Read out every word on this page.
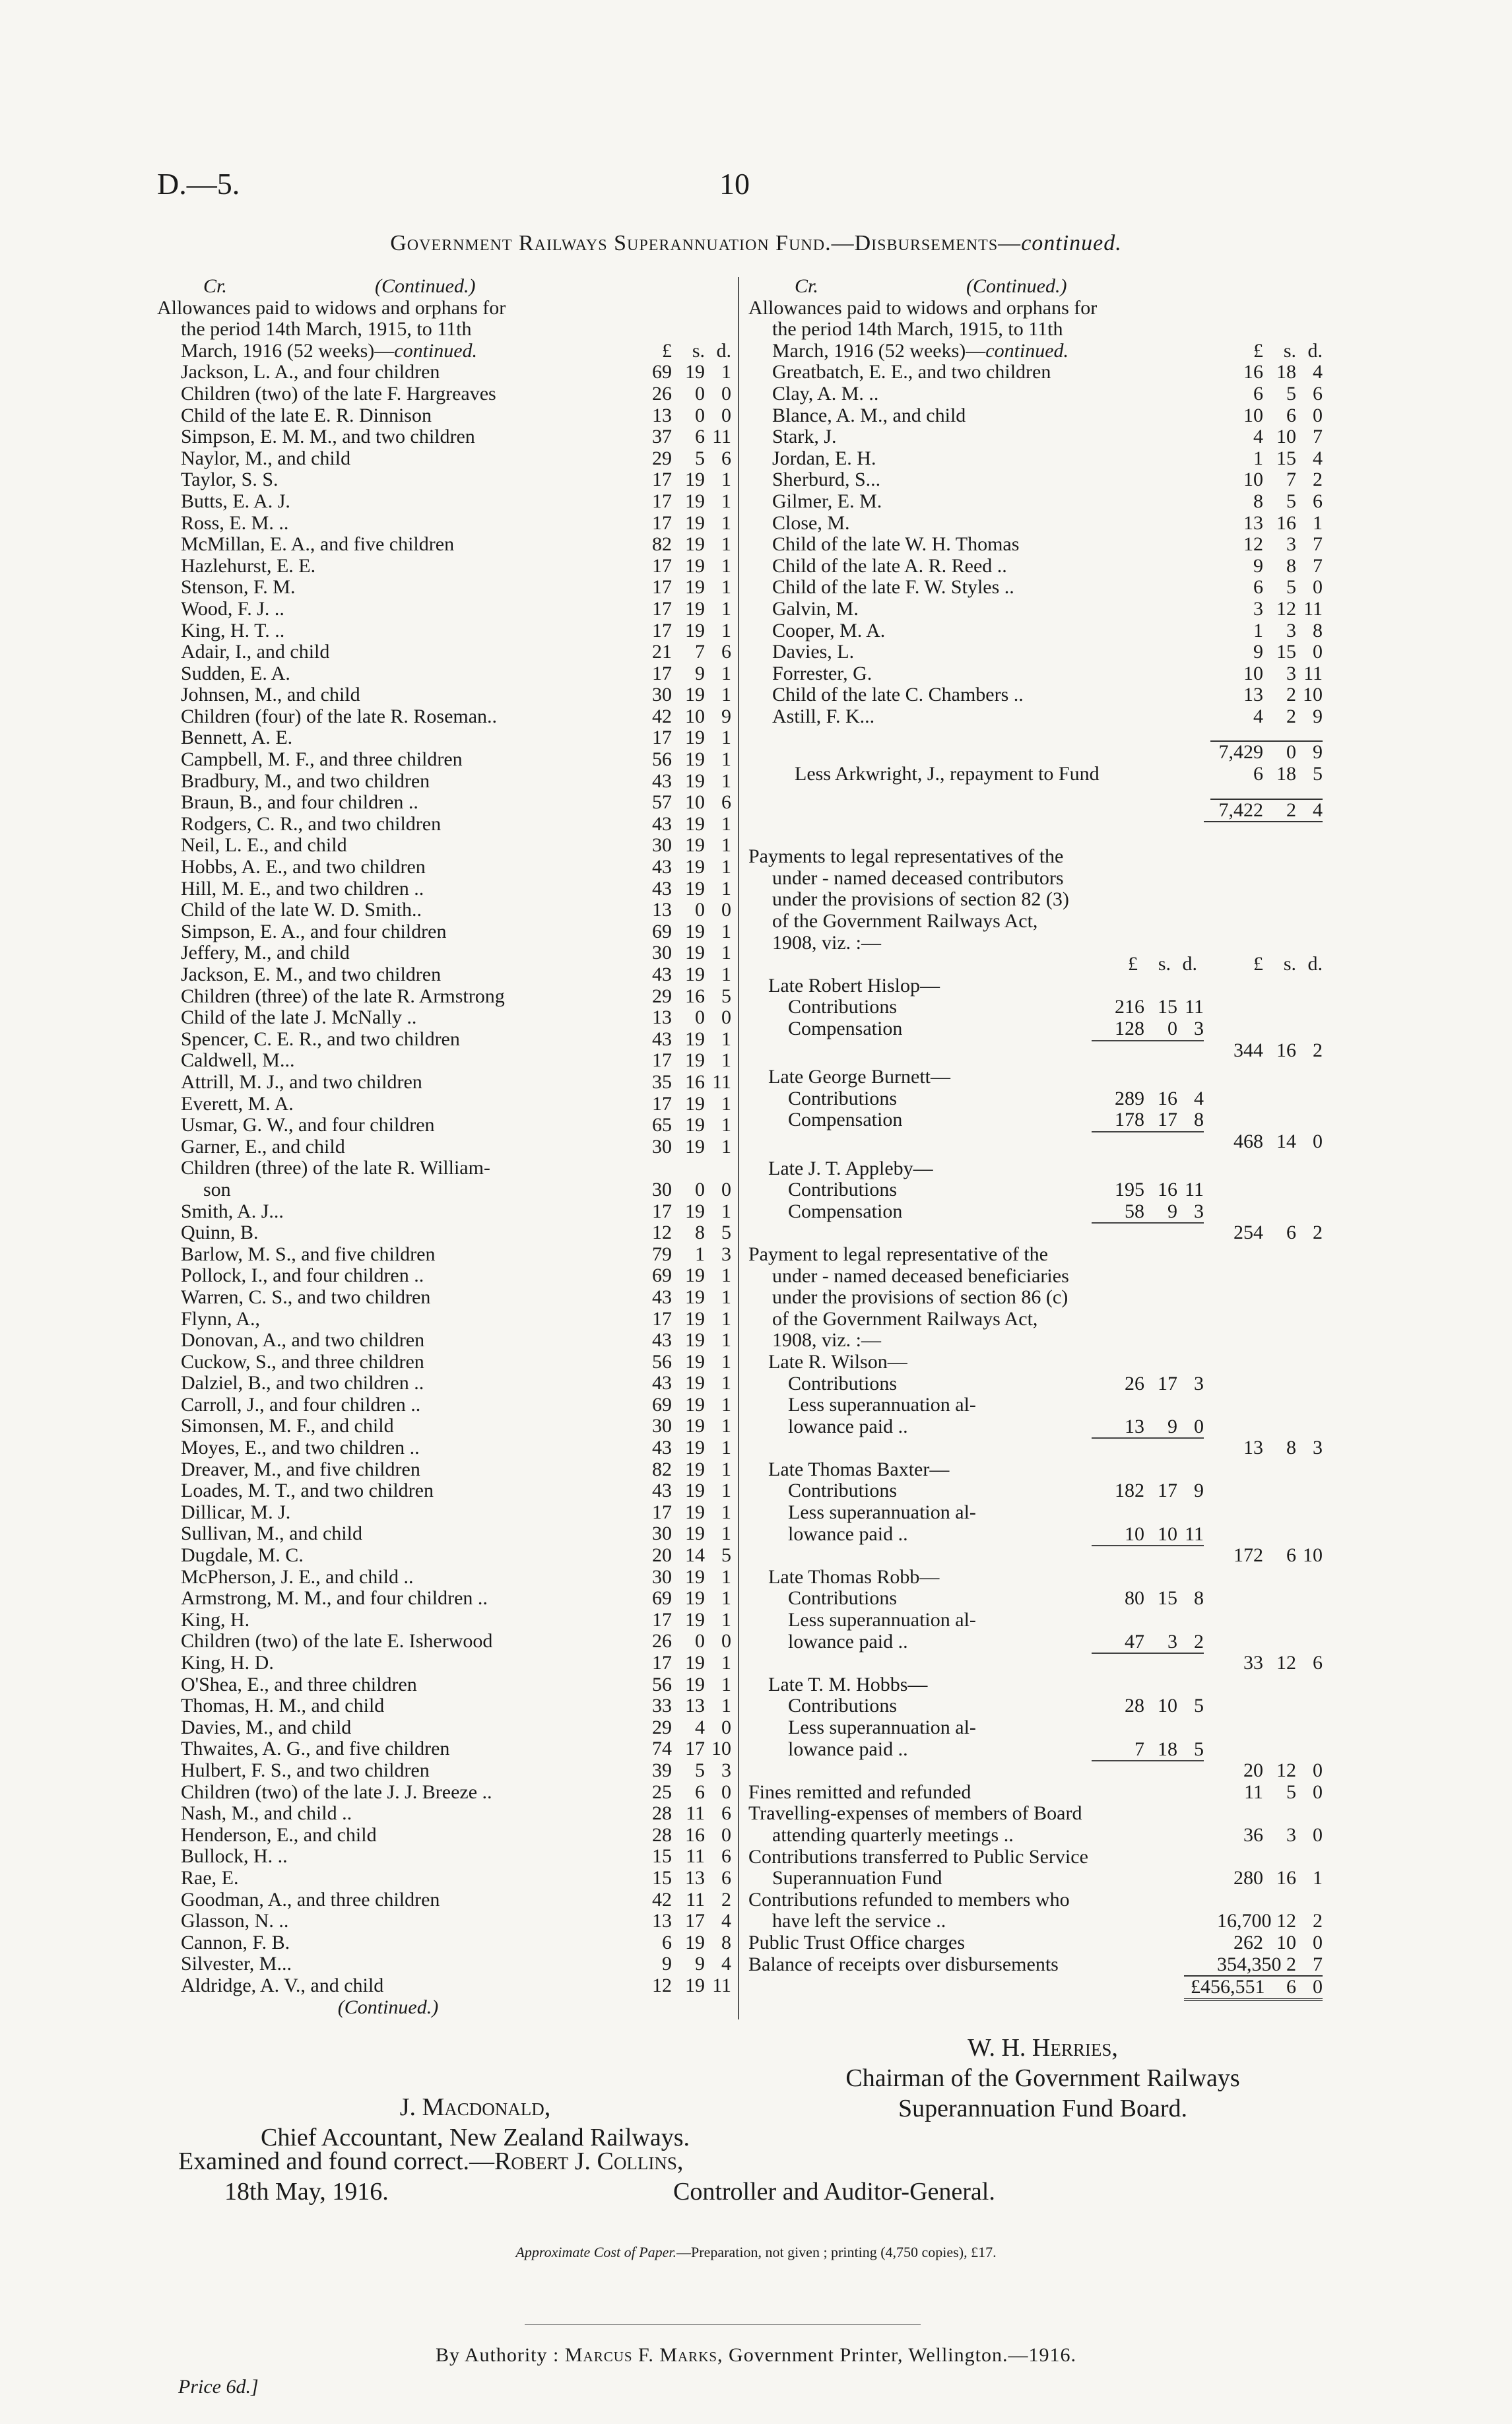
D.—5.	10
Government Railways Superannuation Fund.—Disbursements—continued.
Cr.	(Continued.)
Allowances paid to widows and orphans for
the period 14th March, 1915, to 11th
March, 1916 (52 weeks)—continued.	£	s. d.
Jackson, L. A., and four children	69 19 1
Children (two) of the late F. Hargreaves	26	0 0
Child of the late E. R. Dinnison	13	0 0
Simpson, E. M. M., and two children	37	6 11
Naylor, M., and child	29	5 6
Taylor, S. S.	17 19 1
Butts, E. A. J.	17 19 1
Ross, E. M. ..	17 19 1
McMillan, E. A., and five children	82 19 1
Hazlehurst, E. E.	17 19 1
Stenson, F. M.	17 19 1
Wood, F. J. ..	17 19 1
King, H. T. ..	17 19 1
Adair, I., and child	21	7 6
Sudden, E. A.	17	9 1
Johnsen, M., and child	30 19 1
Children (four) of the late R. Roseman..	42 10 9
Bennett, A. E.	17 19 1
Campbell, M. F., and three children	56 19 1
Bradbury, M., and two children	43 19 1
Braun, B., and four children ..	57 10 6
Rodgers, C. R., and two children	43 19 1
Neil, L. E., and child	30 19 1
Hobbs, A. E., and two children	43 19 1
Hill, M. E., and two children ..	43 19 1
Child of the late W. D. Smith..	13	0 0
Simpson, E. A., and four children	69 19 1
Jeffery, M., and child	30 19 1
Jackson, E. M., and two children	43 19 1
Children (three) of the late R. Armstrong	29 16 5
Child of the late J. McNally ..	13	0 0
Spencer, C. E. R., and two children	43 19 1
Caldwell, M...	17 19 1
Attrill, M. J., and two children	35 16 11
Everett, M. A.	17 19 1
Usmar, G. W., and four children	65 19 1
Garner, E., and child	30 19 1
Children (three) of the late R. William-
son	30	0 0
Smith, A. J...	17 19 1
Quinn, B.	12	8 5
Barlow, M. S., and five children	79	1 3
Pollock, I., and four children ..	69 19 1
Warren, C. S., and two children	43 19 1
Flynn, A.,	17 19 1
Donovan, A., and two children	43 19 1
Cuckow, S., and three children	56 19 1
Dalziel, B., and two children ..	43 19 1
Carroll, J., and four children ..	69 19 1
Simonsen, M. F., and child	30 19 1
Moyes, E., and two children ..	43 19 1
Dreaver, M., and five children	82 19 1
Loades, M. T., and two children	43 19 1
Dillicar, M. J.	17 19 1
Sullivan, M., and child	30 19 1
Dugdale, M. C.	20 14 5
McPherson, J. E., and child ..	30 19 1
Armstrong, M. M., and four children ..	69 19 1
King, H.	17 19 1
Children (two) of the late E. Isherwood	26	0 0
King, H. D.	17 19 1
O'Shea, E., and three children	56 19 1
Thomas, H. M., and child	33 13 1
Davies, M., and child	29	4 0
Thwaites, A. G., and five children	74 17 10
Hulbert, F. S., and two children	39	5 3
Children (two) of the late J. J. Breeze ..	25	6 0
Nash, M., and child ..	28 11 6
Henderson, E., and child	28 16 0
Bullock, H. ..	15 11 6
Rae, E.	15 13 6
Goodman, A., and three children	42 11 2
Glasson, N. ..	13 17 4
Cannon, F. B.	6 19 8
Silvester, M...	9	9 4
Aldridge, A. V., and child	12 19 11
(Continued.)
Cr.	(Continued.)
Allowances paid to widows and orphans for
the period 14th March, 1915, to 11th
March, 1916 (52 weeks)—continued.	£	s. d.
Greatbatch, E. E., and two children	16 18 4
Clay, A. M. ..	6	5 6
Blance, A. M., and child	10	6 0
Stark, J.	4 10 7
Jordan, E. H.	1 15 4
Sherburd, S...	10	7 2
Gilmer, E. M.	8	5 6
Close, M.	13 16 1
Child of the late W. H. Thomas	12	3 7
Child of the late A. R. Reed ..	9	8 7
Child of the late F. W. Styles ..	6	5 0
Galvin, M.	3 12 11
Cooper, M. A.	1	3 8
Davies, L.	9 15 0
Forrester, G.	10	3 11
Child of the late C. Chambers ..	13	2 10
Astill, F. K...	4	2 9
7,429	0 9
Less Arkwright, J., repayment to Fund	6 18 5
7,422	2 4
Payments to legal representatives of the
under - named deceased contributors
under the provisions of section 82 (3)
of the Government Railways Act,
1908, viz. :—
£	s. d.	£	s. d.
Late Robert Hislop—
Contributions	216 15 11
Compensation	128	0 3
344 16 2
Late George Burnett—
Contributions	289 16 4
Compensation	178 17 8
468 14 0
Late J. T. Appleby—
Contributions	195 16 11
Compensation	58	9 3
254	6 2
Payment to legal representative of the
under - named deceased beneficiaries
under the provisions of section 86 (c)
of the Government Railways Act,
1908, viz. :—
Late R. Wilson—
Contributions	26 17 3
Less superannuation al-
lowance paid ..	13	9 0
13	8 3
Late Thomas Baxter—
Contributions	182 17 9
Less superannuation al-
lowance paid ..	10 10 11
172	6 10
Late Thomas Robb—
Contributions	80 15 8
Less superannuation al-
lowance paid ..	47	3 2
33 12 6
Late T. M. Hobbs—
Contributions	28 10 5
Less superannuation al-
lowance paid ..	7 18 5
20 12 0
Fines remitted and refunded	11	5 0
Travelling-expenses of members of Board
attending quarterly meetings ..	36	3 0
Contributions transferred to Public Service
Superannuation Fund	280 16 1
Contributions refunded to members who
have left the service ..	16,700 12 2
Public Trust Office charges	262 10 0
Balance of receipts over disbursements	354,350 2 7
£456,551	6 0
W. H. Herries,
Chairman of the Government Railways
Superannuation Fund Board.
J. Macdonald,
Chief Accountant, New Zealand Railways.
Examined and found correct.—Robert J. Collins,
18th May, 1916.	Controller and Auditor-General.
Approximate Cost of Paper.—Preparation, not given ; printing (4,750 copies), £17.
By Authority : Marcus F. Marks, Government Printer, Wellington.—1916.
Price 6d.]
